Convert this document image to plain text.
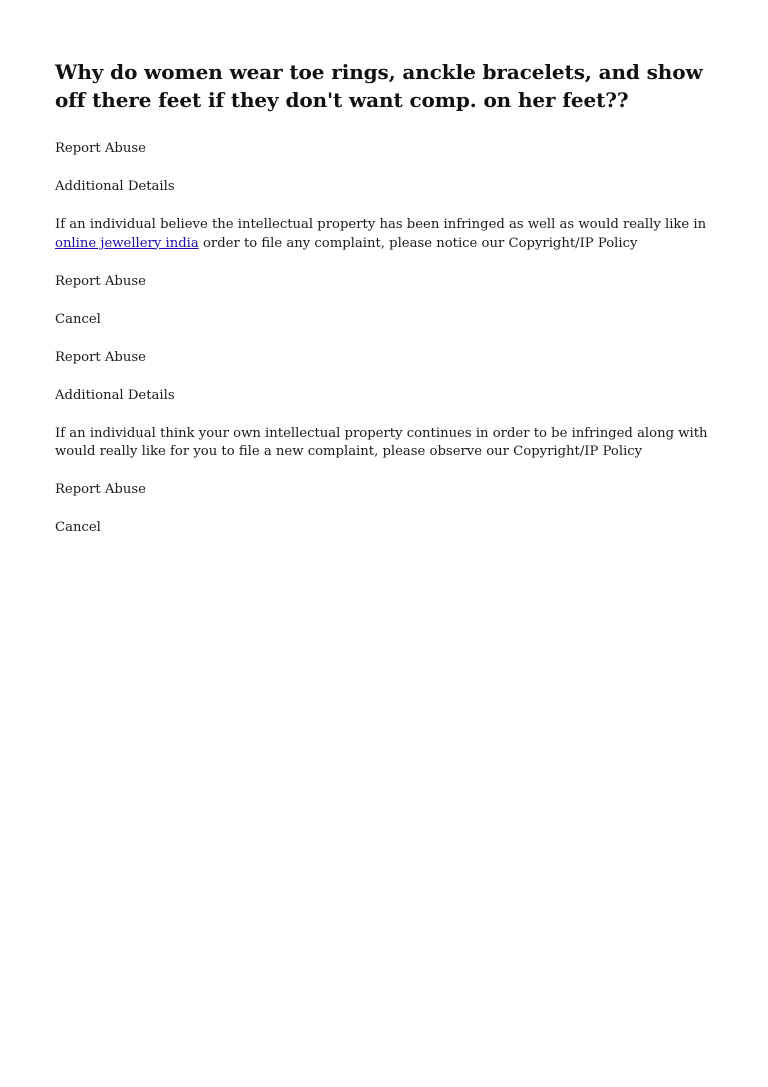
Why do women wear toe rings, anckle bracelets, and show
off there feet if they don't want comp. on her feet??

Report Abuse

Additional Details

If an individual believe the intellectual property has been infringed as well as would really like in
online jewellery india order to file any complaint, please notice our Copyright/IP Policy

Report Abuse

Cancel

Report Abuse

Additional Details

If an individual think your own intellectual property continues in order to be infringed along with
would really like for you to file a new complaint, please observe our Copyright/IP Policy

Report Abuse

Cancel
